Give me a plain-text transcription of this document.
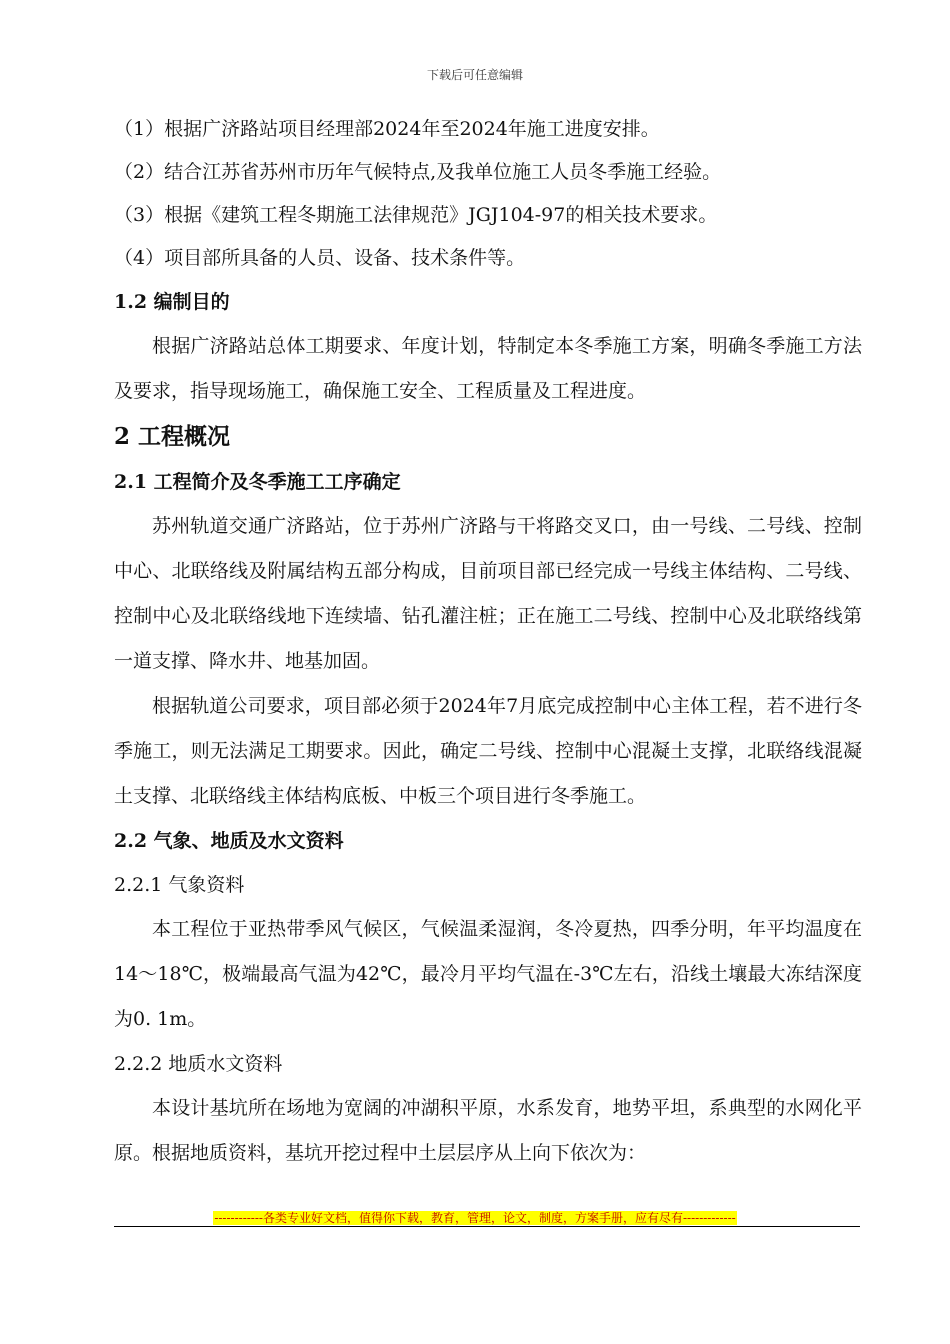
下载后可任意编辑
（1）根据广济路站项目经理部2024年至2024年施工进度安排。
（2）结合江苏省苏州市历年气候特点,及我单位施工人员冬季施工经验。
（3）根据《建筑工程冬期施工法律规范》JGJ104-97的相关技术要求。
（4）项目部所具备的人员、设备、技术条件等。
1.2 编制目的

根据广济路站总体工期要求、年度计划，特制定本冬季施工方案，明确冬季施工方法及要求，指导现场施工，确保施工安全、工程质量及工程进度。

2 工程概况
2.1 工程简介及冬季施工工序确定

苏州轨道交通广济路站，位于苏州广济路与干将路交叉口，由一号线、二号线、控制中心、北联络线及附属结构五部分构成，目前项目部已经完成一号线主体结构、二号线、控制中心及北联络线地下连续墙、钻孔灌注桩；正在施工二号线、控制中心及北联络线第一道支撑、降水井、地基加固。

根据轨道公司要求，项目部必须于2024年7月底完成控制中心主体工程，若不进行冬季施工，则无法满足工期要求。因此，确定二号线、控制中心混凝土支撑，北联络线混凝土支撑、北联络线主体结构底板、中板三个项目进行冬季施工。

2.2 气象、地质及水文资料
2.2.1 气象资料

本工程位于亚热带季风气候区，气候温柔湿润，冬冷夏热，四季分明，年平均温度在14～18℃，极端最高气温为42℃，最冷月平均气温在-3℃左右，沿线土壤最大冻结深度为0. 1m。

2.2.2 地质水文资料

本设计基坑所在场地为宽阔的冲湖积平原，水系发育，地势平坦，系典型的水网化平原。根据地质资料，基坑开挖过程中土层层序从上向下依次为：

------------各类专业好文档，值得你下载，教育，管理，论文，制度，方案手册，应有尽有-------------
